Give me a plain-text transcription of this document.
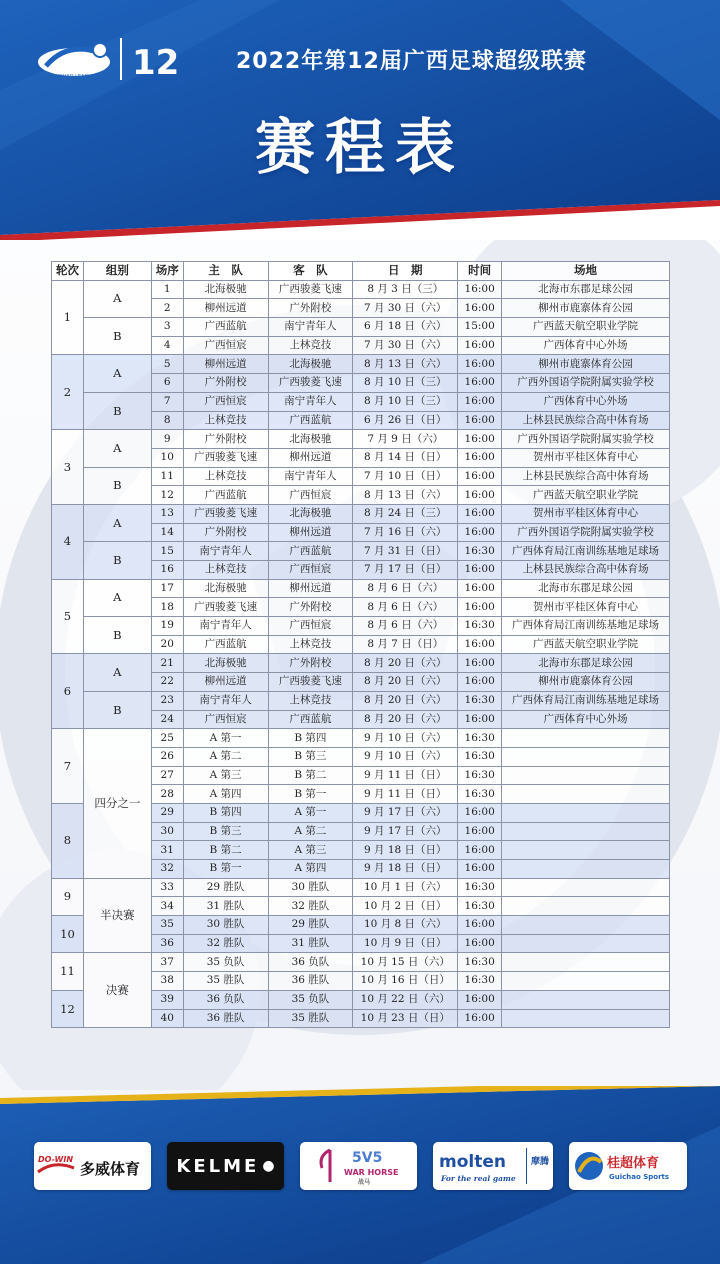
12
GUICHAO LEAGUE
2022年第12届广西足球超级联赛
赛程表
轮次	组别	场序	主　队	客　队	日　期	时间	场地
1	A	1	北海极驰	广西骏菱飞速	8 月 3 日（三）	16:00	北海市东郡足球公园
		2	柳州远道	广外附校	7 月 30 日（六）	16:00	柳州市鹿寨体育公园
	B	3	广西蓝航	南宁青年人	6 月 18 日（六）	15:00	广西蓝天航空职业学院
		4	广西恒宸	上林竞技	7 月 30 日（六）	16:00	广西体育中心外场
2	A	5	柳州远道	北海极驰	8 月 13 日（六）	16:00	柳州市鹿寨体育公园
		6	广外附校	广西骏菱飞速	8 月 10 日（三）	16:00	广西外国语学院附属实验学校
	B	7	广西恒宸	南宁青年人	8 月 10 日（三）	16:00	广西体育中心外场
		8	上林竞技	广西蓝航	6 月 26 日（日）	16:00	上林县民族综合高中体育场
3	A	9	广外附校	北海极驰	7 月 9 日（六）	16:00	广西外国语学院附属实验学校
		10	广西骏菱飞速	柳州远道	8 月 14 日（日）	16:00	贺州市平桂区体育中心
	B	11	上林竞技	南宁青年人	7 月 10 日（日）	16:00	上林县民族综合高中体育场
		12	广西蓝航	广西恒宸	8 月 13 日（六）	16:00	广西蓝天航空职业学院
4	A	13	广西骏菱飞速	北海极驰	8 月 24 日（三）	16:00	贺州市平桂区体育中心
		14	广外附校	柳州远道	7 月 16 日（六）	16:00	广西外国语学院附属实验学校
	B	15	南宁青年人	广西蓝航	7 月 31 日（日）	16:30	广西体育局江南训练基地足球场
		16	上林竞技	广西恒宸	7 月 17 日（日）	16:00	上林县民族综合高中体育场
5	A	17	北海极驰	柳州远道	8 月 6 日（六）	16:00	北海市东郡足球公园
		18	广西骏菱飞速	广外附校	8 月 6 日（六）	16:00	贺州市平桂区体育中心
	B	19	南宁青年人	广西恒宸	8 月 6 日（六）	16:30	广西体育局江南训练基地足球场
		20	广西蓝航	上林竞技	8 月 7 日（日）	16:00	广西蓝天航空职业学院
6	A	21	北海极驰	广外附校	8 月 20 日（六）	16:00	北海市东郡足球公园
		22	柳州远道	广西骏菱飞速	8 月 20 日（六）	16:00	柳州市鹿寨体育公园
	B	23	南宁青年人	上林竞技	8 月 20 日（六）	16:30	广西体育局江南训练基地足球场
		24	广西恒宸	广西蓝航	8 月 20 日（六）	16:00	广西体育中心外场
7	四分之一	25	A 第一	B 第四	9 月 10 日（六）	16:30	
		26	A 第二	B 第三	9 月 10 日（六）	16:30	
		27	A 第三	B 第二	9 月 11 日（日）	16:30	
		28	A 第四	B 第一	9 月 11 日（日）	16:30	
8		29	B 第四	A 第一	9 月 17 日（六）	16:00	
		30	B 第三	A 第二	9 月 17 日（六）	16:00	
		31	B 第二	A 第三	9 月 18 日（日）	16:00	
		32	B 第一	A 第四	9 月 18 日（日）	16:00	
9	半决赛	33	29 胜队	30 胜队	10 月 1 日（六）	16:30	
		34	31 胜队	32 胜队	10 月 2 日（日）	16:30	
10		35	30 胜队	29 胜队	10 月 8 日（六）	16:00	
		36	32 胜队	31 胜队	10 月 9 日（日）	16:00	
11	决赛	37	35 负队	36 负队	10 月 15 日（六）	16:30	
		38	35 胜队	36 胜队	10 月 16 日（日）	16:30	
12		39	36 负队	35 负队	10 月 22 日（六）	16:00	
		40	36 胜队	35 胜队	10 月 23 日（日）	16:00	
DO-WIN
多威体育 KELME ●	5V5
WAR HORSE
战马
molten
For the real game
摩腾	桂超体育
Guichao Sports
